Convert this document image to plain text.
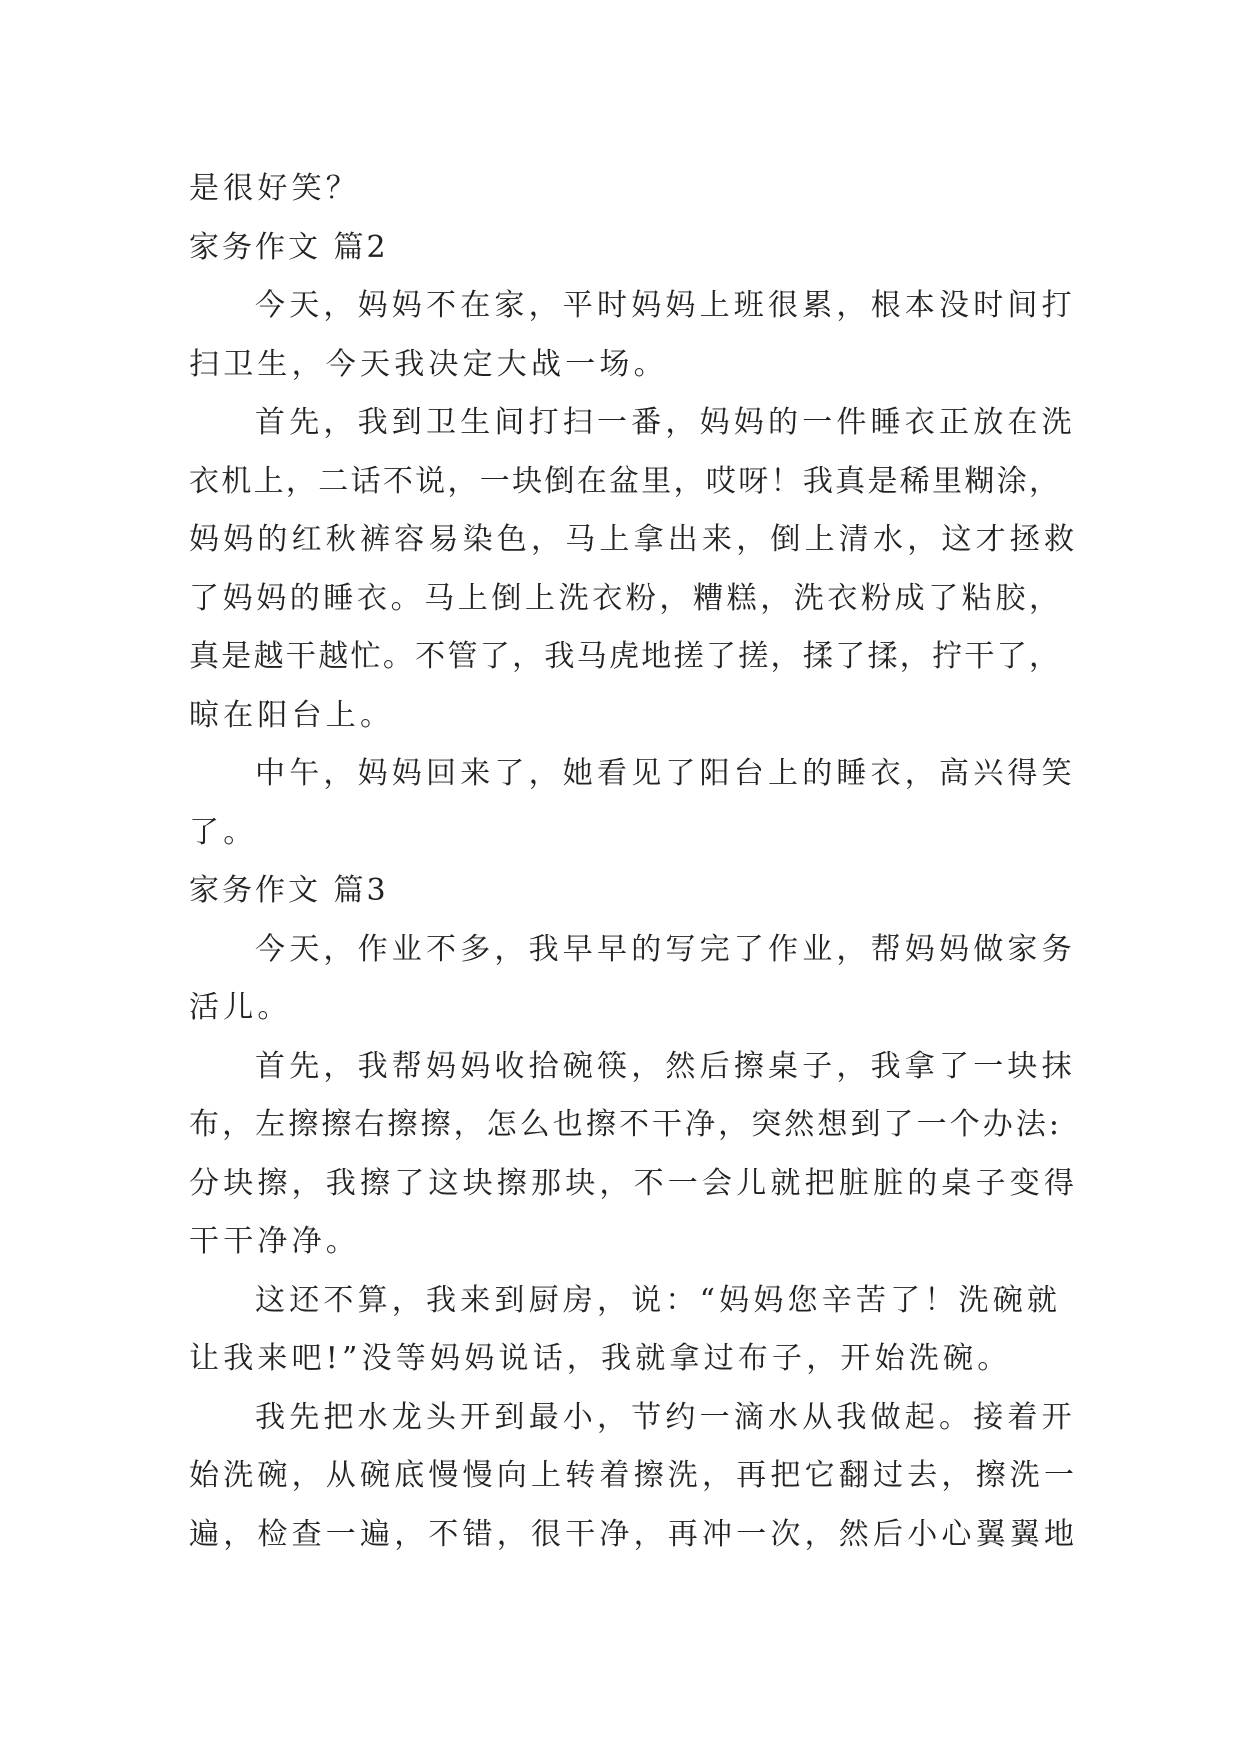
是很好笑？
家务作文 篇2
今天，妈妈不在家，平时妈妈上班很累，根本没时间打
扫卫生，今天我决定大战一场。
首先，我到卫生间打扫一番，妈妈的一件睡衣正放在洗
衣机上，二话不说，一块倒在盆里，哎呀！我真是稀里糊涂，
妈妈的红秋裤容易染色，马上拿出来，倒上清水，这才拯救
了妈妈的睡衣。马上倒上洗衣粉，糟糕，洗衣粉成了粘胶，
真是越干越忙。不管了，我马虎地搓了搓，揉了揉，拧干了，
晾在阳台上。
中午，妈妈回来了，她看见了阳台上的睡衣，高兴得笑
了。
家务作文 篇3
今天，作业不多，我早早的写完了作业，帮妈妈做家务
活儿。
首先，我帮妈妈收拾碗筷，然后擦桌子，我拿了一块抹
布，左擦擦右擦擦，怎么也擦不干净，突然想到了一个办法:
分块擦，我擦了这块擦那块，不一会儿就把脏脏的桌子变得
干干净净。
这还不算，我来到厨房，说：“妈妈您辛苦了！洗碗就
让我来吧!”没等妈妈说话，我就拿过布子，开始洗碗。
我先把水龙头开到最小，节约一滴水从我做起。接着开
始洗碗，从碗底慢慢向上转着擦洗，再把它翻过去，擦洗一
遍，检查一遍，不错，很干净，再冲一次，然后小心翼翼地
